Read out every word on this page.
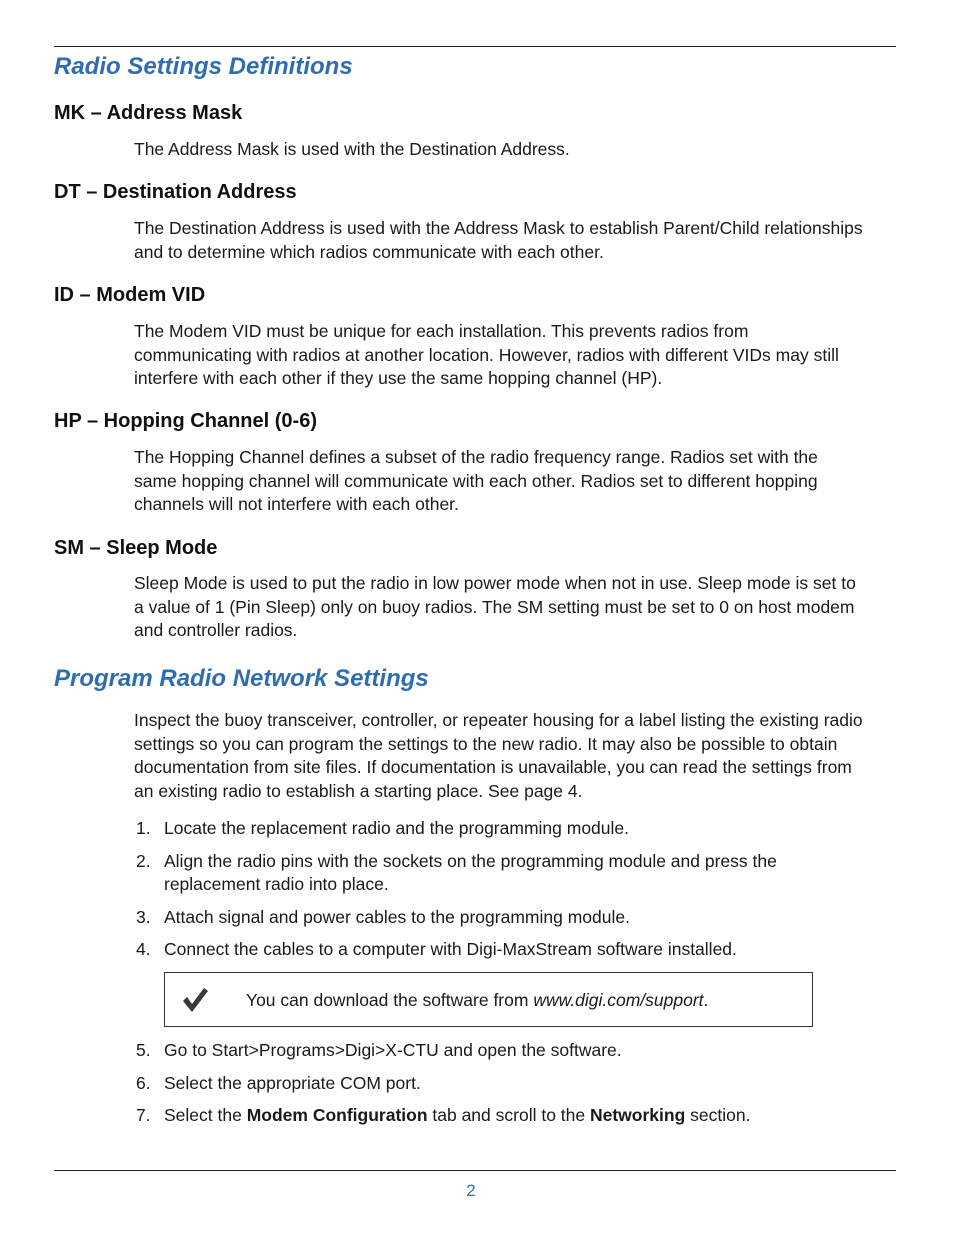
Radio Settings Definitions
MK – Address Mask

The Address Mask is used with the Destination Address.

DT – Destination Address

The Destination Address is used with the Address Mask to establish Parent/Child relationships and to determine which radios communicate with each other.

ID – Modem VID

The Modem VID must be unique for each installation. This prevents radios from communicating with radios at another location. However, radios with different VIDs may still interfere with each other if they use the same hopping channel (HP).

HP – Hopping Channel (0-6)

The Hopping Channel defines a subset of the radio frequency range. Radios set with the same hopping channel will communicate with each other. Radios set to different hopping channels will not interfere with each other.

SM – Sleep Mode

Sleep Mode is used to put the radio in low power mode when not in use. Sleep mode is set to a value of 1 (Pin Sleep) only on buoy radios. The SM setting must be set to 0 on host modem and controller radios.

Program Radio Network Settings

Inspect the buoy transceiver, controller, or repeater housing for a label listing the existing radio settings so you can program the settings to the new radio. It may also be possible to obtain documentation from site files. If documentation is unavailable, you can read the settings from an existing radio to establish a starting place. See page 4.

1. Locate the replacement radio and the programming module.
2. Align the radio pins with the sockets on the programming module and press the replacement radio into place.
3. Attach signal and power cables to the programming module.
4. Connect the cables to a computer with Digi-MaxStream software installed.
You can download the software from www.digi.com/support.
5. Go to Start>Programs>Digi>X-CTU and open the software.
6. Select the appropriate COM port.
7. Select the Modem Configuration tab and scroll to the Networking section.
2
